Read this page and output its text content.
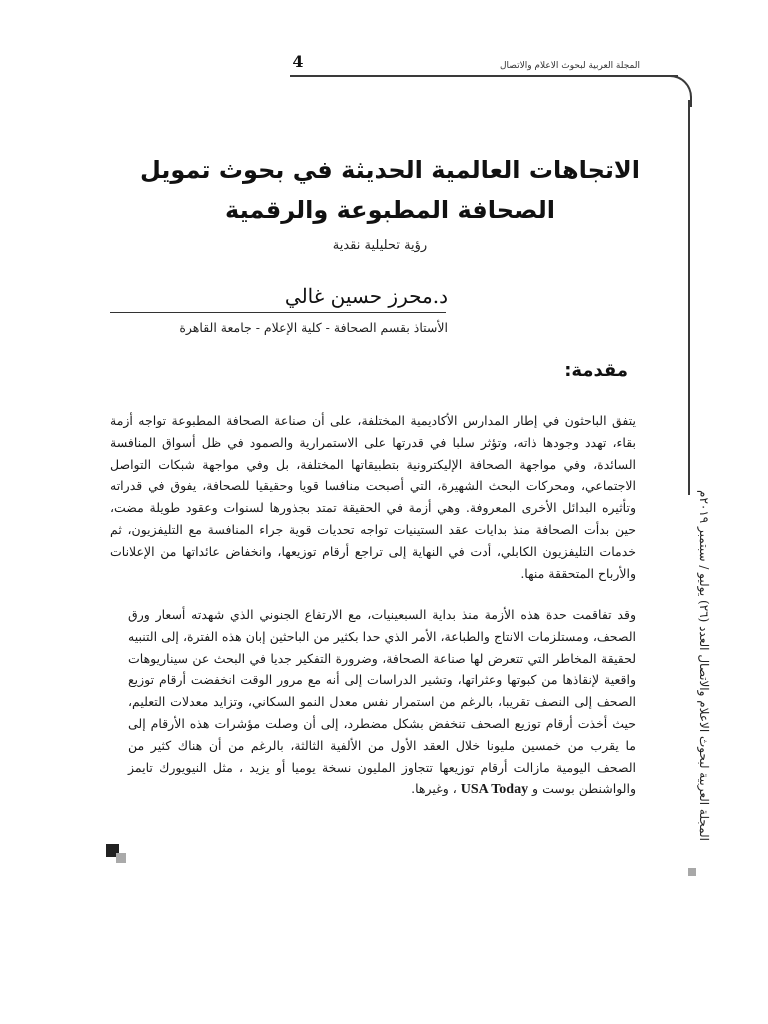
المجلة العربية لبحوث الاعلام والاتصال
4
الاتجاهات العالمية الحديثة في بحوث تمويل الصحافة المطبوعة والرقمية
رؤية تحليلية نقدية
د.محرز حسين غالي
الأستاذ بقسم الصحافة - كلية الإعلام - جامعة القاهرة
مقدمة:
يتفق الباحثون في إطار المدارس الأكاديمية المختلفة، على أن صناعة الصحافة المطبوعة تواجه أزمة بقاء، تهدد وجودها ذاته، وتؤثر سلبا في قدرتها على الاستمرارية والصمود في ظل أسواق المنافسة السائدة، وفي مواجهة الصحافة الإليكترونية بتطبيقاتها المختلفة، بل وفي مواجهة شبكات التواصل الاجتماعي، ومحركات البحث الشهيرة، التي أصبحت منافسا قويا وحقيقيا للصحافة، يفوق في قدراته وتأثيره البدائل الأخرى المعروفة. وهي أزمة في الحقيقة تمتد بجذورها لسنوات وعقود طويلة مضت، حين بدأت الصحافة منذ بدايات عقد الستينيات تواجه تحديات قوية جراء المنافسة مع التليفزيون، ثم خدمات التليفزيون الكابلي، أدت في النهاية إلى تراجع أرقام توزيعها، وانخفاض عائداتها من الإعلانات والأرباح المتحققة منها.
وقد تفاقمت حدة هذه الأزمة منذ بداية السبعينيات، مع الارتفاع الجنوني الذي شهدته أسعار ورق الصحف، ومستلزمات الانتاج والطباعة، الأمر الذي حدا بكثير من الباحثين إبان هذه الفترة، إلى التنبيه لحقيقة المخاطر التي تتعرض لها صناعة الصحافة، وضرورة التفكير جديا في البحث عن سيناريوهات واقعية لإنقاذها من كبوتها وعثراتها، وتشير الدراسات إلى أنه مع مرور الوقت انخفضت أرقام توزيع الصحف إلى النصف تقريبا، بالرغم من استمرار نفس معدل النمو السكاني، وتزايد معدلات التعليم، حيث أخذت أرقام توزيع الصحف تنخفض بشكل مضطرد، إلى أن وصلت مؤشرات هذه الأرقام إلى ما يقرب من خمسين مليونا خلال العقد الأول من الألفية الثالثة، بالرغم من أن هناك كثير من الصحف اليومية مازالت أرقام توزيعها تتجاوز المليون نسخة يوميا أو يزيد ، مثل النيويورك تايمز والواشنطن بوست و USA Today ، وغيرها.
المجلة العربية لبحوث الاعلام والاتصال العدد (٢٦) يوليو / سبتمبر ٢٠١٩م
